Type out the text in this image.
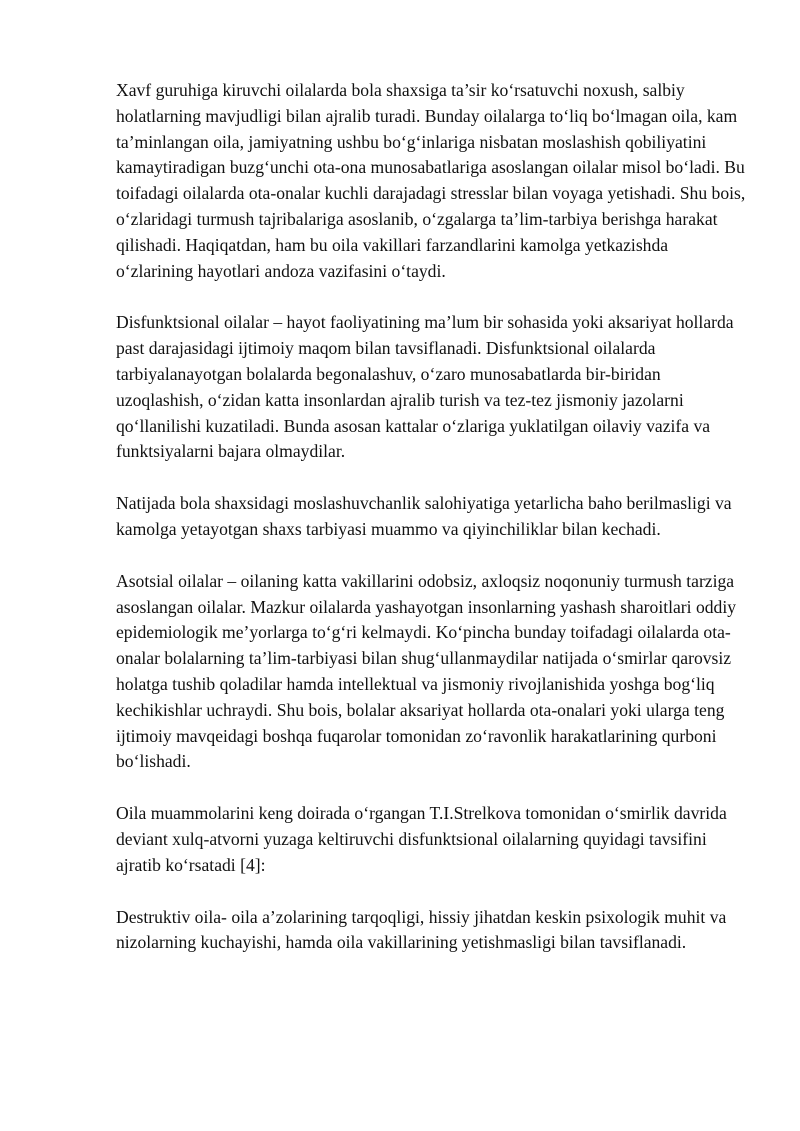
Xavf guruhiga kiruvchi oilalarda bola shaxsiga ta’sir ko‘rsatuvchi noxush, salbiy holatlarning mavjudligi bilan ajralib turadi. Bunday oilalarga to‘liq bo‘lmagan oila, kam ta’minlangan oila, jamiyatning ushbu bo‘g‘inlariga nisbatan moslashish qobiliyatini kamaytiradigan buzg‘unchi ota-ona munosabatlariga asoslangan oilalar misol bo‘ladi. Bu toifadagi oilalarda ota-onalar kuchli darajadagi stresslar bilan voyaga yetishadi. Shu bois, o‘zlaridagi turmush tajribalariga asoslanib, o‘zgalarga ta’lim-tarbiya berishga harakat qilishadi. Haqiqatdan, ham bu oila vakillari farzandlarini kamolga yetkazishda o‘zlarining hayotlari andoza vazifasini o‘taydi.

Disfunktsional oilalar – hayot faoliyatining ma’lum bir sohasida yoki aksariyat hollarda past darajasidagi ijtimoiy maqom bilan tavsiflanadi. Disfunktsional oilalarda tarbiyalanayotgan bolalarda begonalashuv, o‘zaro munosabatlarda bir-biridan uzoqlashish, o‘zidan katta insonlardan ajralib turish va tez-tez jismoniy jazolarni qo‘llanilishi kuzatiladi. Bunda asosan kattalar o‘zlariga yuklatilgan oilaviy vazifa va funktsiyalarni bajara olmaydilar.

Natijada bola shaxsidagi moslashuvchanlik salohiyatiga yetarlicha baho berilmasligi va kamolga yetayotgan shaxs tarbiyasi muammo va qiyinchiliklar bilan kechadi.

Asotsial oilalar – oilaning katta vakillarini odobsiz, axloqsiz noqonuniy turmush tarziga asoslangan oilalar. Mazkur oilalarda yashayotgan insonlarning yashash sharoitlari oddiy epidemiologik me’yorlarga to‘g‘ri kelmaydi. Ko‘pincha bunday toifadagi oilalarda ota-onalar bolalarning ta’lim-tarbiyasi bilan shug‘ullanmaydilar natijada o‘smirlar qarovsiz holatga tushib qoladilar hamda intellektual va jismoniy rivojlanishida yoshga bog‘liq kechikishlar uchraydi. Shu bois, bolalar aksariyat hollarda ota-onalari yoki ularga teng ijtimoiy mavqeidagi boshqa fuqarolar tomonidan zo‘ravonlik harakatlarining qurboni bo‘lishadi.

Oila muammolarini keng doirada o‘rgangan T.I.Strelkova tomonidan o‘smirlik davrida deviant xulq-atvorni yuzaga keltiruvchi disfunktsional oilalarning quyidagi tavsifini ajratib ko‘rsatadi [4]:

Destruktiv oila- oila a’zolarining tarqoqligi, hissiy jihatdan keskin psixologik muhit va nizolarning kuchayishi, hamda oila vakillarining yetishmasligi bilan tavsiflanadi.
